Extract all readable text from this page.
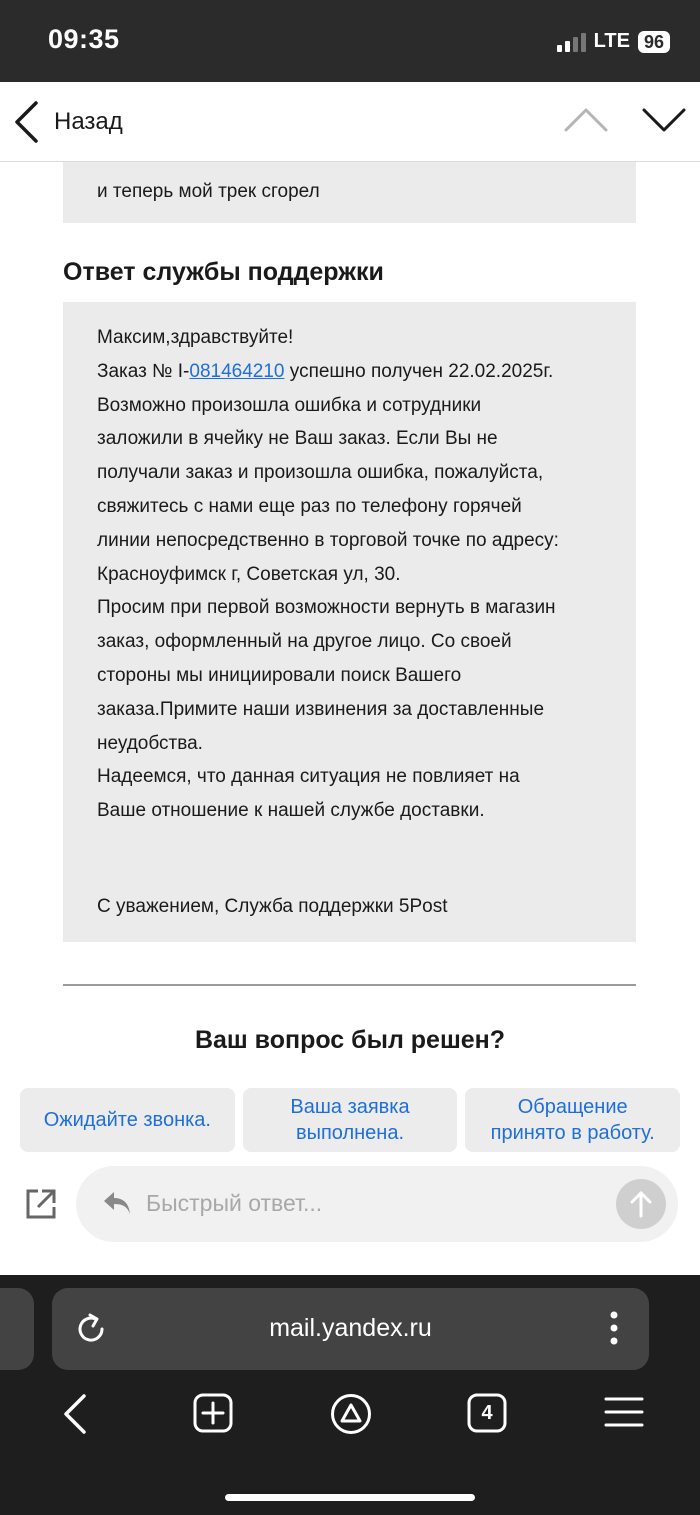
09:35	LTE 96
Назад
и теперь мой трек сгорел
Ответ службы поддержки
Максим,здравствуйте!
Заказ № I-081464210 успешно получен 22.02.2025г.
Возможно произошла ошибка и сотрудники
заложили в ячейку не Ваш заказ. Если Вы не
получали заказ и произошла ошибка, пожалуйста,
свяжитесь с нами еще раз по телефону горячей
линии непосредственно в торговой точке по адресу:
Красноуфимск г, Советская ул, 30.
Просим при первой возможности вернуть в магазин
заказ, оформленный на другое лицо. Со своей
стороны мы инициировали поиск Вашего
заказа.Примите наши извинения за доставленные
неудобства.
Надеемся, что данная ситуация не повлияет на
Ваше отношение к нашей службе доставки.
С уважением, Служба поддержки 5Post
Ваш вопрос был решен?
Ожидайте звонка.
Ваша заявка
выполнена.
Обращение
принято в работу.
Быстрый ответ...
mail.yandex.ru
4
